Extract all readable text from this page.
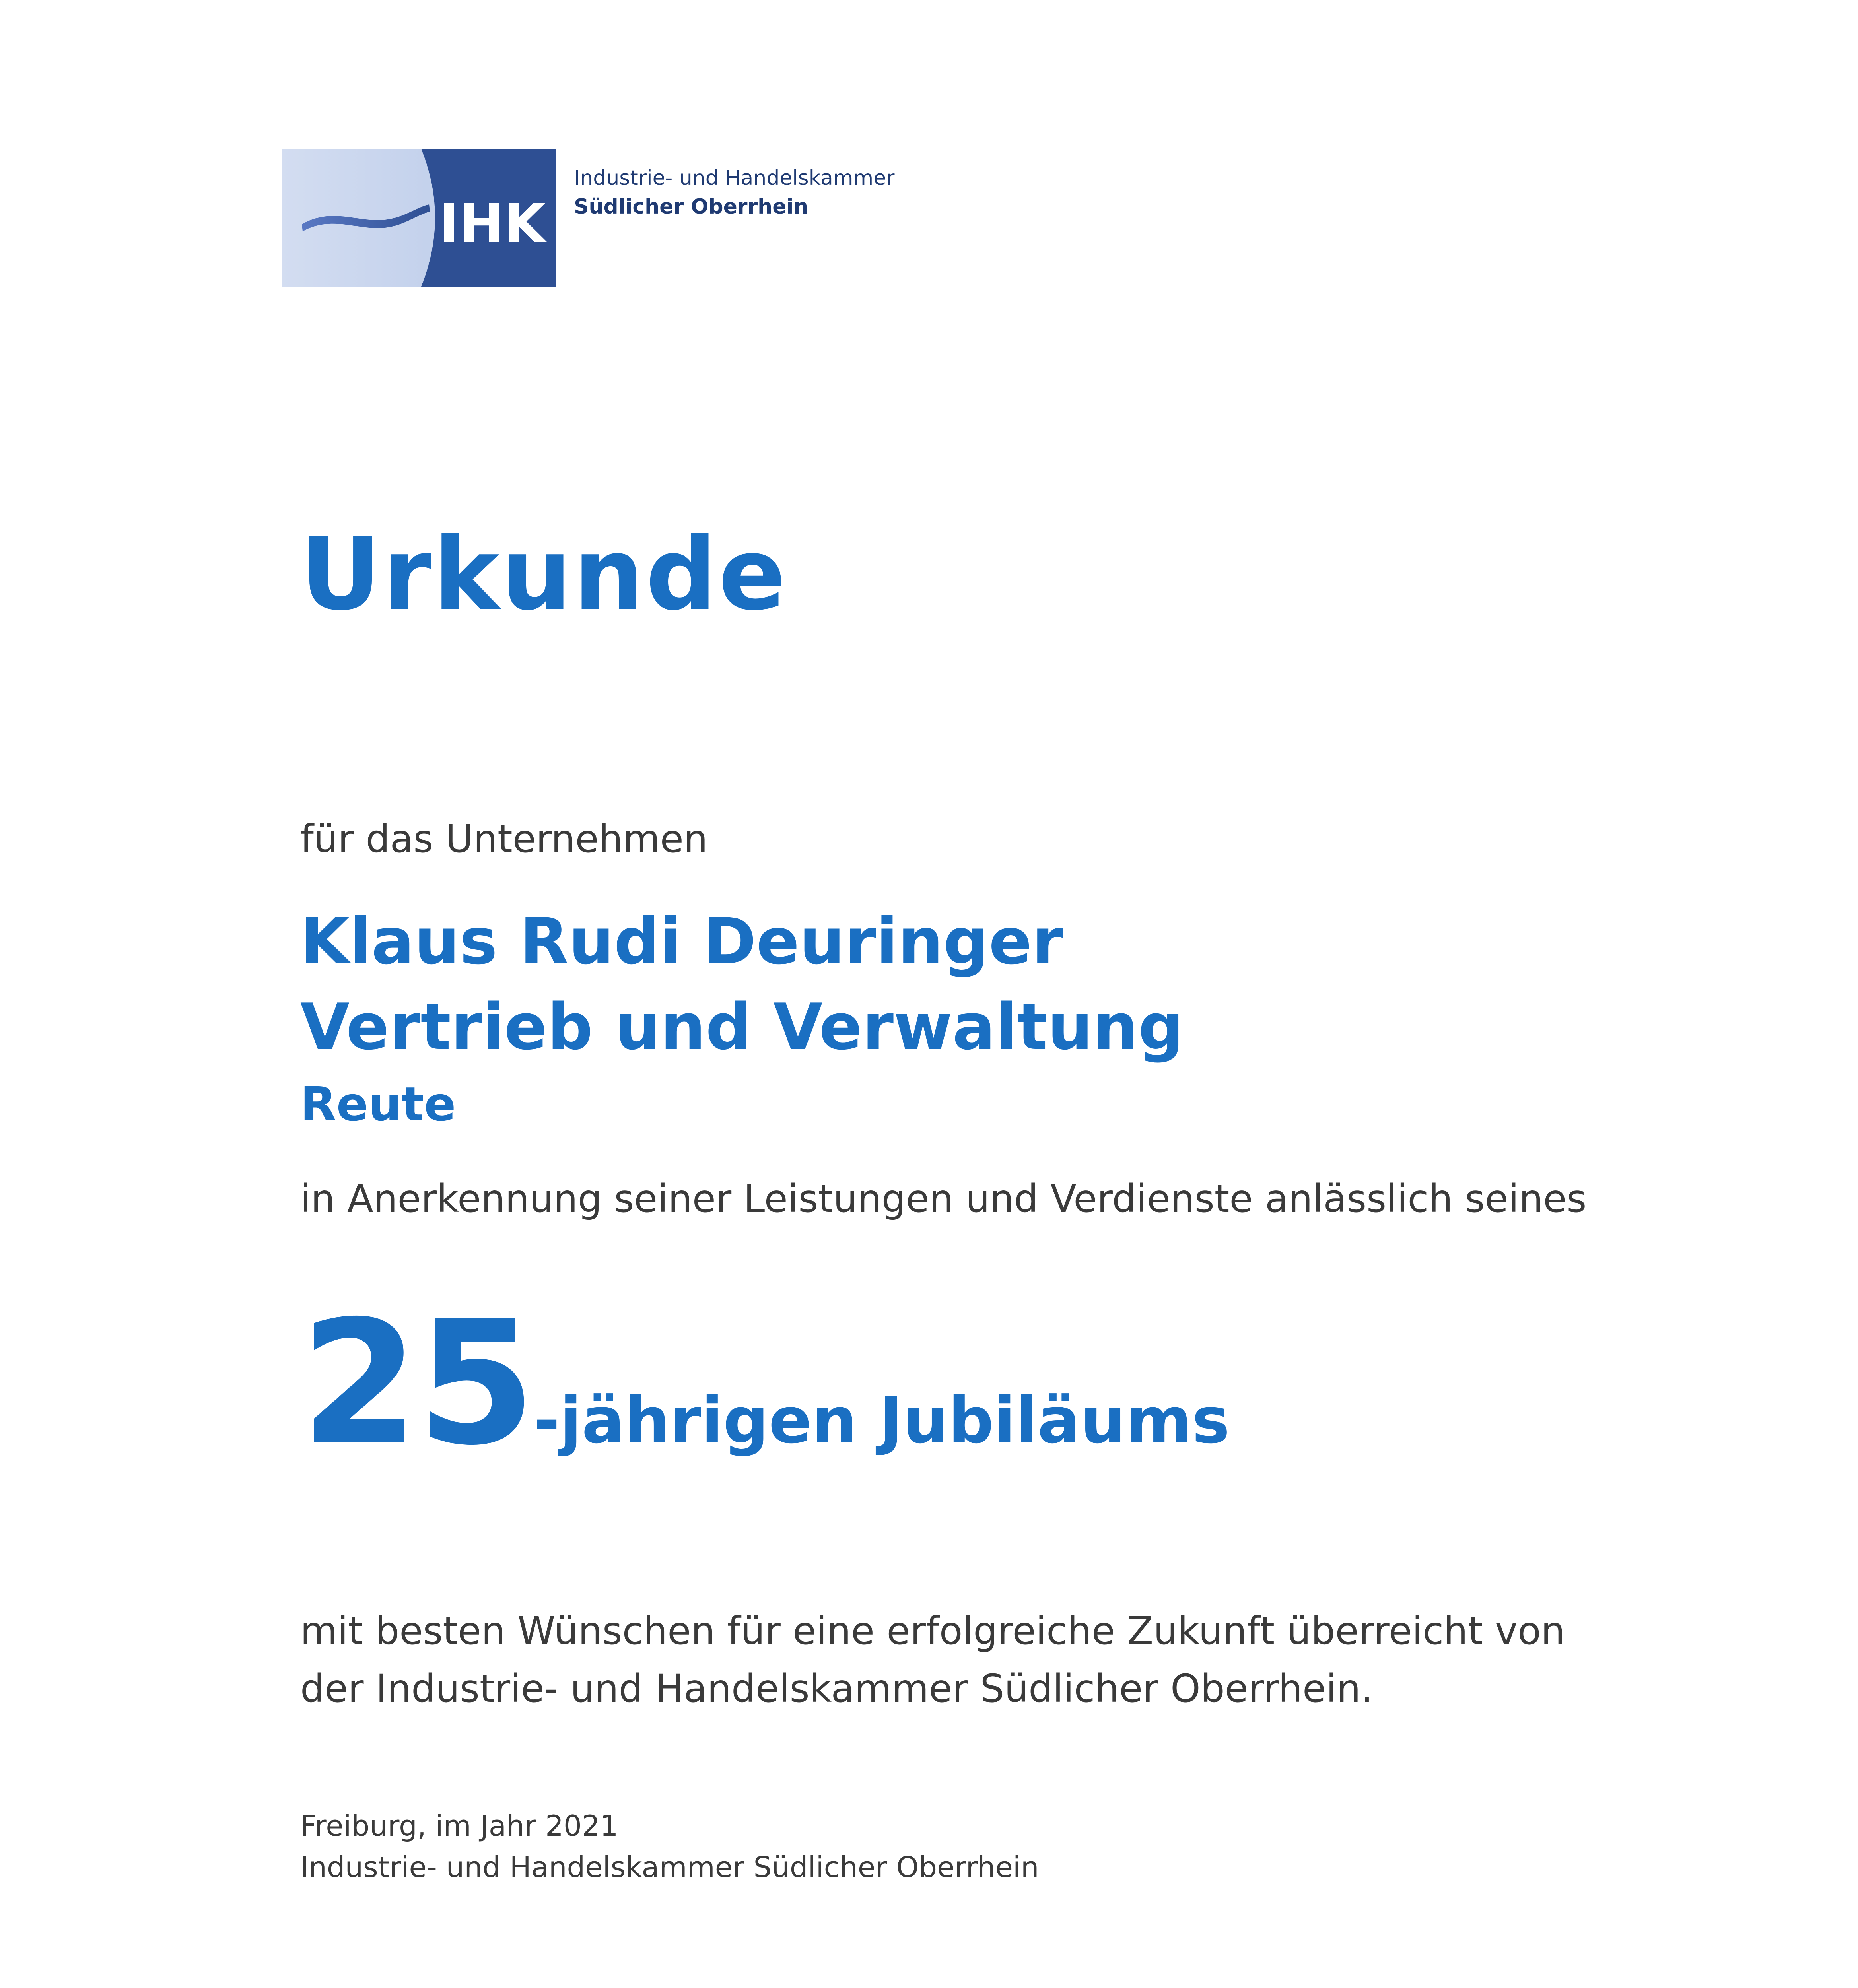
IHK
Industrie- und Handelskammer
Südlicher Oberrhein
Urkunde
für das Unternehmen
Klaus Rudi Deuringer
Vertrieb und Verwaltung
Reute
in Anerkennung seiner Leistungen und Verdienste anlässlich seines
25-jährigen Jubiläums
mit besten Wünschen für eine erfolgreiche Zukunft überreicht von
der Industrie- und Handelskammer Südlicher Oberrhein.
Freiburg, im Jahr 2021
Industrie- und Handelskammer Südlicher Oberrhein
